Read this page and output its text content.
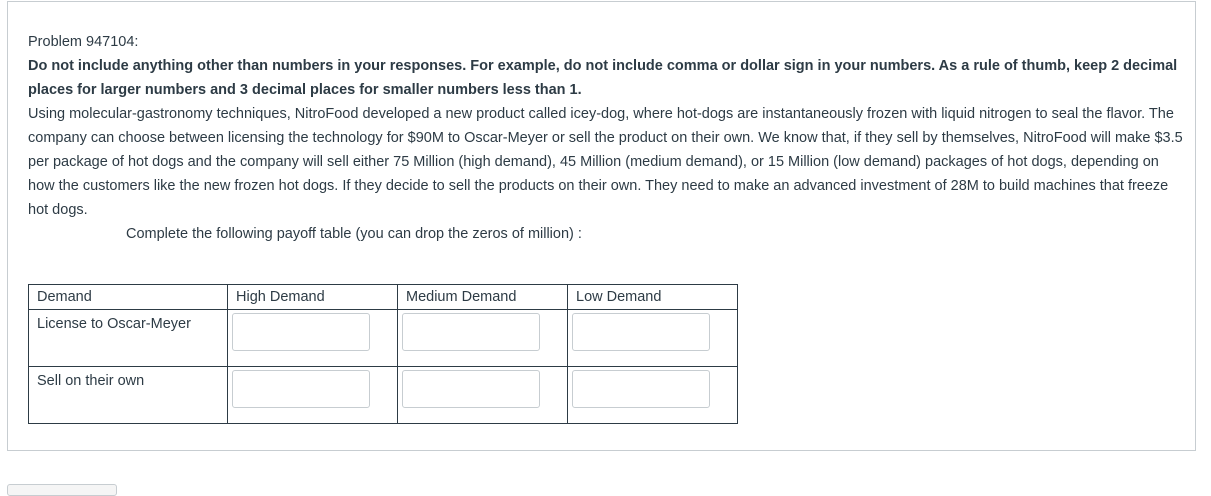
Problem 947104:

Do not include anything other than numbers in your responses. For example, do not include comma or dollar sign in your numbers. As a rule of thumb, keep 2 decimal places for larger numbers and 3 decimal places for smaller numbers less than 1.

Using molecular-gastronomy techniques, NitroFood developed a new product called icey-dog, where hot-dogs are instantaneously frozen with liquid nitrogen to seal the flavor. The company can choose between licensing the technology for $90M to Oscar-Meyer or sell the product on their own. We know that, if they sell by themselves, NitroFood will make $3.5 per package of hot dogs and the company will sell either 75 Million (high demand), 45 Million (medium demand), or 15 Million (low demand) packages of hot dogs, depending on how the customers like the new frozen hot dogs. If they decide to sell the products on their own. They need to make an advanced investment of 28M to build machines that freeze hot dogs.

Complete the following payoff table (you can drop the zeros of million) :

Demand	High Demand	Medium Demand	Low Demand
License to Oscar-Meyer	

Sell on their own	
